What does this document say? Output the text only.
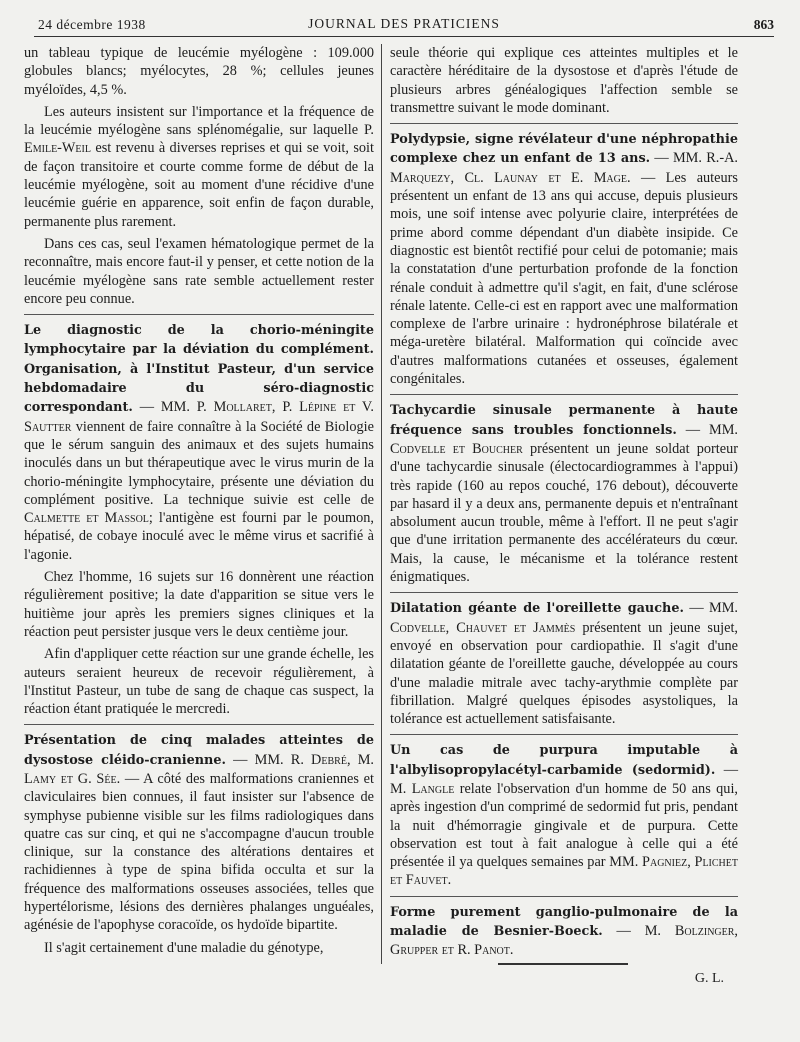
24 décembre 1938	JOURNAL DES PRATICIENS	863

un tableau typique de leucémie myélogène : 109.000 globules blancs; myélocytes, 28 %; cellules jeunes myéloïdes, 4,5 %.

Les auteurs insistent sur l'importance et la fréquence de la leucémie myélogène sans splénomégalie, sur laquelle P. Emile-Weil est revenu à diverses reprises et qui se voit, soit de façon transitoire et courte comme forme de début de la leucémie myélogène, soit au moment d'une récidive d'une leucémie guérie en apparence, soit enfin de façon durable, permanente plus rarement.

Dans ces cas, seul l'examen hématologique permet de la reconnaître, mais encore faut-il y penser, et cette notion de la leucémie myélogène sans rate semble actuellement rester encore peu connue.

Le diagnostic de la chorio-méningite lymphocytaire par la déviation du complément. Organisation, à l'Institut Pasteur, d'un service hebdomadaire du séro-diagnostic correspondant. — MM. P. Mollaret, P. Lépine et V. Sautter viennent de faire connaître à la Société de Biologie que le sérum sanguin des animaux et des sujets humains inoculés dans un but thérapeutique avec le virus murin de la chorio-méningite lymphocytaire, présente une déviation du complément positive. La technique suivie est celle de Calmette et Massol; l'antigène est fourni par le poumon, hépatisé, de cobaye inoculé avec le même virus et sacrifié à l'agonie.

Chez l'homme, 16 sujets sur 16 donnèrent une réaction régulièrement positive; la date d'apparition se situe vers le huitième jour après les premiers signes cliniques et la réaction peut persister jusque vers le deux centième jour.

Afin d'appliquer cette réaction sur une grande échelle, les auteurs seraient heureux de recevoir régulièrement, à l'Institut Pasteur, un tube de sang de chaque cas suspect, la réaction étant pratiquée le mercredi.

Présentation de cinq malades atteintes de dysostose cléido-cranienne. — MM. R. Debré, M. Lamy et G. Sée. — A côté des malformations craniennes et claviculaires bien connues, il faut insister sur l'absence de symphyse pubienne visible sur les films radiologiques dans quatre cas sur cinq, et qui ne s'accompagne d'aucun trouble clinique, sur la constance des altérations dentaires et rachidiennes à type de spina bifida occulta et sur la fréquence des malformations osseuses associées, telles que hypertélorisme, lésions des dernières phalanges unguéales, agénésie de l'apophyse coracoïde, os hydoïde bipartite.

Il s'agit certainement d'une maladie du génotype,

seule théorie qui explique ces atteintes multiples et le caractère héréditaire de la dysostose et d'après l'étude de plusieurs arbres généalogiques l'affection semble se transmettre suivant le mode dominant.

Polydypsie, signe révélateur d'une néphropathie complexe chez un enfant de 13 ans. — MM. R.-A. Marquezy, Cl. Launay et E. Mage. — Les auteurs présentent un enfant de 13 ans qui accuse, depuis plusieurs mois, une soif intense avec polyurie claire, interprétées de prime abord comme dépendant d'un diabète insipide. Ce diagnostic est bientôt rectifié pour celui de potomanie; mais la constatation d'une perturbation profonde de la fonction rénale conduit à admettre qu'il s'agit, en fait, d'une sclérose rénale latente. Celle-ci est en rapport avec une malformation complexe de l'arbre urinaire : hydronéphrose bilatérale et méga-uretère bilatéral. Malformation qui coïncide avec d'autres malformations cutanées et osseuses, également congénitales.

Tachycardie sinusale permanente à haute fréquence sans troubles fonctionnels. — MM. Codvelle et Boucher présentent un jeune soldat porteur d'une tachycardie sinusale (électocardiogrammes à l'appui) très rapide (160 au repos couché, 176 debout), découverte par hasard il y a deux ans, permanente depuis et n'entraînant absolument aucun trouble, même à l'effort. Il ne peut s'agir que d'une irritation permanente des accélérateurs du cœur. Mais, la cause, le mécanisme et la tolérance restent énigmatiques.

Dilatation géante de l'oreillette gauche. — MM. Codvelle, Chauvet et Jammès présentent un jeune sujet, envoyé en observation pour cardiopathie. Il s'agit d'une dilatation géante de l'oreillette gauche, développée au cours d'une maladie mitrale avec tachy-arythmie complète par fibrillation. Malgré quelques épisodes asystoliques, la tolérance est actuellement satisfaisante.

Un cas de purpura imputable à l'albylisopropylacétyl-carbamide (sedormid). — M. Langle relate l'observation d'un homme de 50 ans qui, après ingestion d'un comprimé de sedormid fut pris, pendant la nuit d'hémorragie gingivale et de purpura. Cette observation est tout à fait analogue à celle qui a été présentée il ya quelques semaines par MM. Pagniez, Plichet et Fauvet.

Forme purement ganglio-pulmonaire de la maladie de Besnier-Boeck. — M. Bolzinger, Grupper et R. Panot.

G. L.
